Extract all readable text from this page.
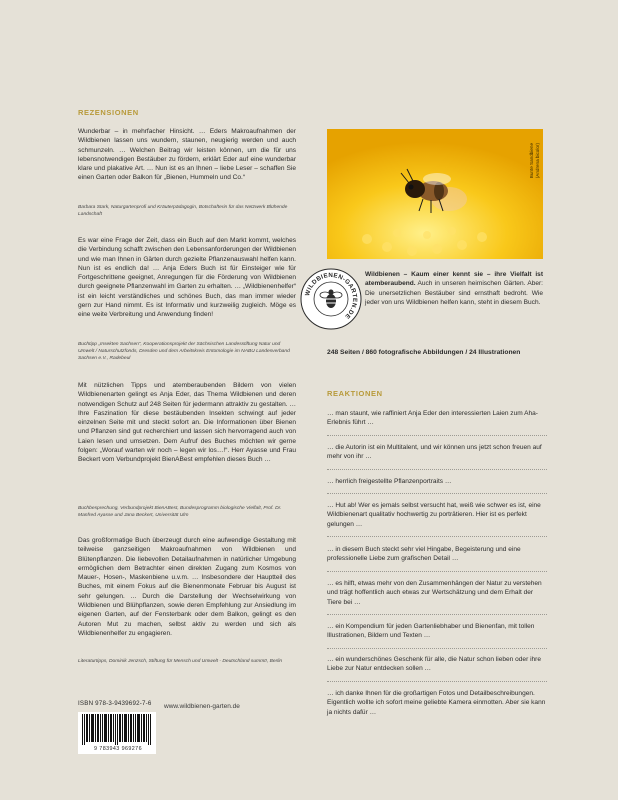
REZENSIONEN
Wunderbar – in mehrfacher Hinsicht. … Eders Makroaufnahmen der Wildbienen lassen uns wundern, staunen, neugierig werden und auch schmunzeln. … Welchen Beitrag wir leisten können, um die für uns lebensnotwendigen Bestäuber zu fördern, erklärt Eder auf eine wunderbar klare und plakative Art. … Nun ist es an Ihnen – liebe Leser – schaffen Sie einen Garten oder Balkon für „Bienen, Hummeln und Co.“
Barbara Stark, Naturgartenprofi und Kräuterpädagogin, Botschafterin für das Netzwerk Blühende Landschaft
Es war eine Frage der Zeit, dass ein Buch auf den Markt kommt, welches die Verbindung schafft zwischen den Lebensanforderungen der Wildbienen und wie man Ihnen in Gärten durch gezielte Pflanzenauswahl helfen kann. Nun ist es endlich da! … Anja Eders Buch ist für Einsteiger wie für Fortgeschrittene geeignet, Anregungen für die Förderung von Wildbienen durch geeignete Pflanzenwahl im Garten zu erhalten. … „Wildbienenhelfer“ ist ein leicht verständliches und schönes Buch, das man immer wieder gern zur Hand nimmt. Es ist Informativ und kurzweilig zugleich. Möge es eine weite Verbreitung und Anwendung finden!
Buchtipp „Insekten Sachsen“, Kooperationsprojekt der Sächsischen Landesstiftung Natur und Umwelt / Naturschutzfonds, Dresden und dem Arbeitskreis Entomologie im NABU Landesverband Sachsen e.V., Radebeul
Mit nützlichen Tipps und atemberaubenden Bildern von vielen Wildbienenarten gelingt es Anja Eder, das Thema Wildbienen und deren notwendigen Schutz auf 248 Seiten für jedermann attraktiv zu gestalten. … Ihre Faszination für diese bestäubenden Insekten schwingt auf jeder einzelnen Seite mit und steckt sofort an. Die Informationen über Bienen und Pflanzen sind gut recherchiert und lassen sich hervorragend auch von Laien lesen und umsetzen. Dem Aufruf des Buches möchten wir gerne folgen: „Worauf warten wir noch – legen wir los…!“. Herr Ayasse und Frau Beckert vom Verbundprojekt BienABest empfehlen dieses Buch …
Buchbesprechung, Verbundprojekt BienABest, Bundesprogramm biologische Vielfalt, Prof. Dr. Manfred Ayasse und Jana Beckert, Universität Ulm
Das großformatige Buch überzeugt durch eine aufwendige Gestaltung mit teilweise ganzseitigen Makroaufnahmen von Wildbienen und Blütenpflanzen. Die liebevollen Detailaufnahmen in natürlicher Umgebung ermöglichen dem Betrachter einen direkten Zugang zum Kosmos von Mauer-, Hosen-, Maskenbiene u.v.m. … Insbesondere der Hauptteil des Buches, mit einem Fokus auf die Bienenmonate Februar bis August ist sehr gelungen. … Durch die Darstellung der Wechselwirkung von Wildbienen und Blühpflanzen, sowie deren Empfehlung zur Ansiedlung im eigenen Garten, auf der Fensterbank oder dem Balkon, gelingt es den Autoren Mut zu machen, selbst aktiv zu werden und sich als Wildbienenhelfer zu engagieren.
Literaturtipps, Dominik Jenzsch, Stiftung für Mensch und Umwelt - Deutschland summt!, Berlin
ISBN 978-3-9439692-7-6
9 783943 969276
www.wildbienen-garten.de
Bunte Sandbiene
(Andrena bicolor)
WILDBIENEN-GARTEN.DE
Wildbienen – Kaum einer kennt sie – ihre Vielfalt ist atemberaubend. Auch in unseren heimischen Gärten. Aber: Die unersetzlichen Bestäuber sind ernsthaft bedroht. Wie jeder von uns Wildbienen helfen kann, steht in diesem Buch.
248 Seiten / 860 fotografische Abbildungen / 24 Illustrationen
REAKTIONEN
… man staunt, wie raffiniert Anja Eder den interessierten Laien zum Aha-Erlebnis führt …
… die Autorin ist ein Multitalent, und wir können uns jetzt schon freuen auf mehr von ihr …
… herrlich freigestellte Pflanzenportraits …
… Hut ab! Wer es jemals selbst versucht hat, weiß wie schwer es ist, eine Wildbienenart qualitativ hochwertig zu porträtieren. Hier ist es perfekt gelungen …
… in diesem Buch steckt sehr viel Hingabe, Begeisterung und eine professionelle Liebe zum grafischen Detail …
… es hilft, etwas mehr von den Zusammenhängen der Natur zu verstehen und trägt hoffentlich auch etwas zur Wertschätzung und dem Erhalt der Tiere bei …
… ein Kompendium für jeden Gartenliebhaber und Bienenfan, mit tollen Illustrationen, Bildern und Texten …
… ein wunderschönes Geschenk für alle, die Natur schon lieben oder ihre Liebe zur Natur entdecken sollen …
… ich danke Ihnen für die großartigen Fotos und Detailbeschreibungen. Eigentlich wollte ich sofort meine geliebte Kamera einmotten. Aber sie kann ja nichts dafür …
